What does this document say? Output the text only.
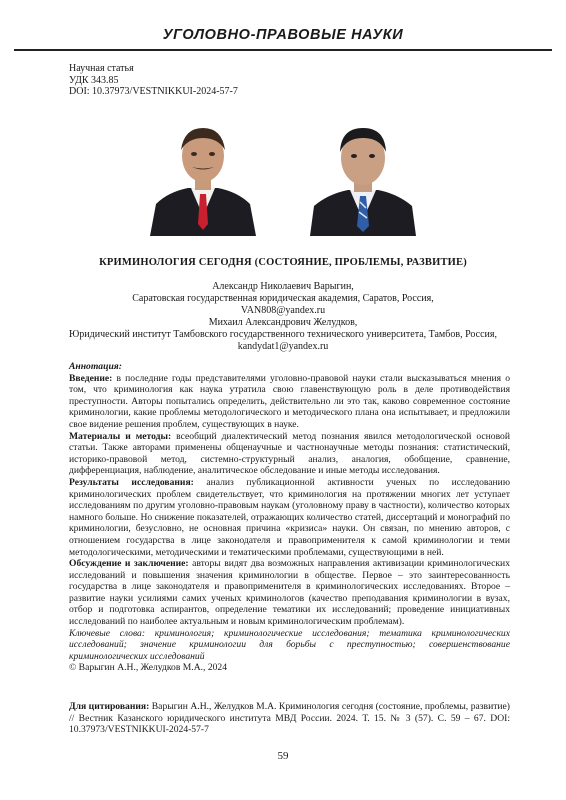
УГОЛОВНО-ПРАВОВЫЕ НАУКИ
Научная статья
УДК 343.85
DOI: 10.37973/VESTNIKKUI-2024-57-7
КРИМИНОЛОГИЯ СЕГОДНЯ (СОСТОЯНИЕ, ПРОБЛЕМЫ, РАЗВИТИЕ)
Александр Николаевич Варыгин,
Саратовская государственная юридическая академия, Саратов, Россия,
VAN808@yandex.ru
Михаил Александрович Желудков,
Юридический институт Тамбовского государственного технического университета, Тамбов, Россия,
kandydat1@yandex.ru

Аннотация:

Введение: в последние годы представителями уголовно-правовой науки стали высказываться мнения о том, что криминология как наука утратила свою главенствующую роль в деле противодействия преступности. Авторы попытались определить, действительно ли это так, каково современное состояние криминологии, какие проблемы методологического и методического плана она испытывает, и предложили свое видение решения проблем, существующих в науке.

Материалы и методы: всеобщий диалектический метод познания явился методологической основой статьи. Также авторами применены общенаучные и частнонаучные методы познания: статистический, историко-правовой метод, системно-структурный анализ, аналогия, обобщение, сравнение, дифференциация, наблюдение, аналитическое обследование и иные методы исследования.

Результаты исследования: анализ публикационной активности ученых по исследованию криминологических проблем свидетельствует, что криминология на протяжении многих лет уступает исследованиям по другим уголовно-правовым наукам (уголовному праву в частности), количество которых намного больше. Но снижение показателей, отражающих количество статей, диссертаций и монографий по криминологии, безусловно, не основная причина «кризиса» науки. Он связан, по мнению авторов, с отношением государства в лице законодателя и правоприменителя к самой криминологии и теми методологическими, методическими и тематическими проблемами, существующими в ней.

Обсуждение и заключение: авторы видят два возможных направления активизации криминологических исследований и повышения значения криминологии в обществе. Первое – это заинтересованность государства в лице законодателя и правоприменителя в криминологических исследованиях. Второе – развитие науки усилиями самих ученых криминологов (качество преподавания криминологии в вузах, отбор и подготовка аспирантов, определение тематики их исследований; проведение инициативных исследований по наиболее актуальным и новым криминологическим проблемам).

Ключевые слова: криминология; криминологические исследования; тематика криминологических исследований; значение криминологии для борьбы с преступностью; совершенствование криминологических исследований

© Варыгин А.Н., Желудков М.А., 2024

Для цитирования: Варыгин А.Н., Желудков М.А. Криминология сегодня (состояние, проблемы, развитие) // Вестник Казанского юридического института МВД России. 2024. Т. 15. № 3 (57). С. 59 – 67. DOI: 10.37973/VESTNIKKUI-2024-57-7
59
